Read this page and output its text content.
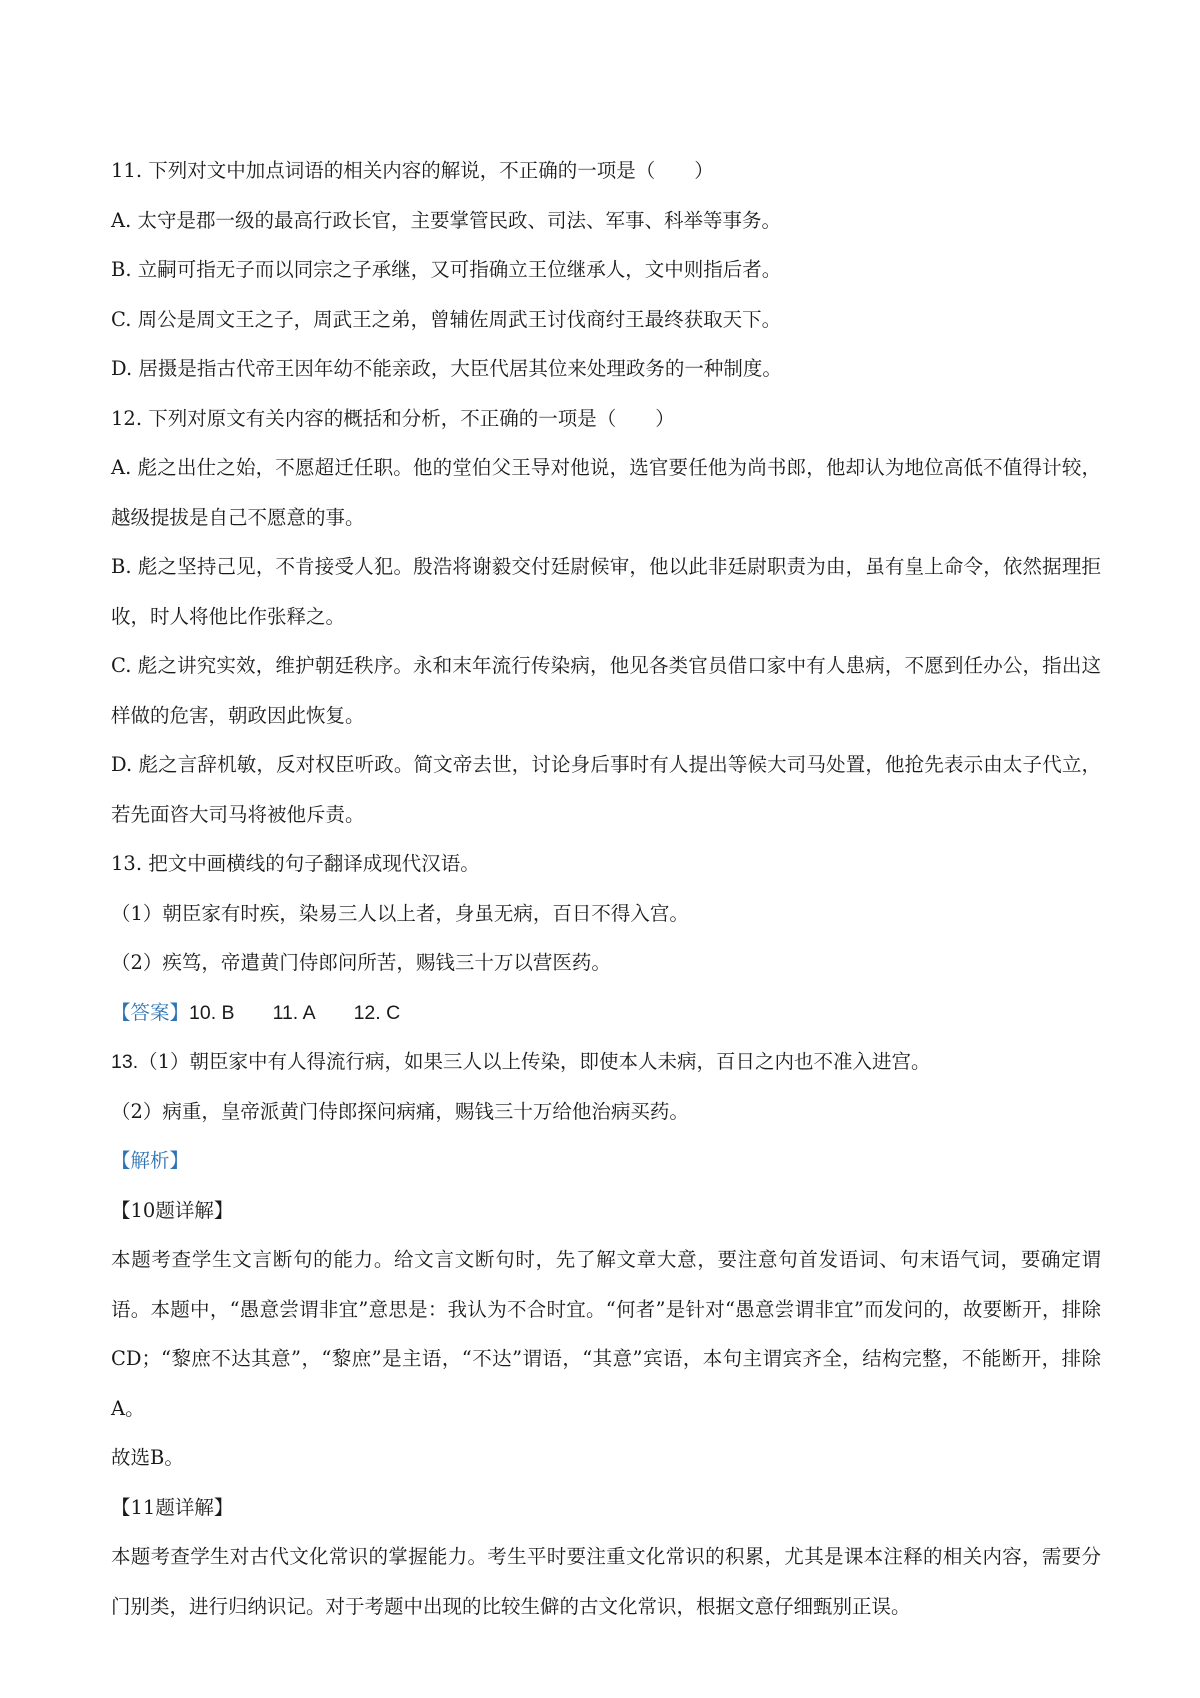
11. 下列对文中加点词语的相关内容的解说，不正确的一项是（　　）
A. 太守是郡一级的最高行政长官，主要掌管民政、司法、军事、科举等事务。
B. 立嗣可指无子而以同宗之子承继，又可指确立王位继承人，文中则指后者。
C. 周公是周文王之子，周武王之弟，曾辅佐周武王讨伐商纣王最终获取天下。
D. 居摄是指古代帝王因年幼不能亲政，大臣代居其位来处理政务的一种制度。
12. 下列对原文有关内容的概括和分析，不正确的一项是（　　）
A. 彪之出仕之始，不愿超迁任职。他的堂伯父王导对他说，选官要任他为尚书郎，他却认为地位高低不值得计较，越级提拔是自己不愿意的事。
B. 彪之坚持己见，不肯接受人犯。殷浩将谢毅交付廷尉候审，他以此非廷尉职责为由，虽有皇上命令，依然据理拒收，时人将他比作张释之。
C. 彪之讲究实效，维护朝廷秩序。永和末年流行传染病，他见各类官员借口家中有人患病，不愿到任办公，指出这样做的危害，朝政因此恢复。
D. 彪之言辞机敏，反对权臣听政。简文帝去世，讨论身后事时有人提出等候大司马处置，他抢先表示由太子代立，若先面咨大司马将被他斥责。
13. 把文中画横线的句子翻译成现代汉语。
（1）朝臣家有时疾，染易三人以上者，身虽无病，百日不得入宫。
（2）疾笃，帝遣黄门侍郎问所苦，赐钱三十万以营医药。
【答案】10. B 11. A 12. C
13.（1）朝臣家中有人得流行病，如果三人以上传染，即使本人未病，百日之内也不准入进宫。
（2）病重，皇帝派黄门侍郎探问病痛，赐钱三十万给他治病买药。
【解析】
【10题详解】
本题考查学生文言断句的能力。给文言文断句时，先了解文章大意，要注意句首发语词、句末语气词，要确定谓语。本题中，“愚意尝谓非宜”意思是：我认为不合时宜。“何者”是针对“愚意尝谓非宜”而发问的，故要断开，排除CD；“黎庶不达其意”，“黎庶”是主语，“不达”谓语，“其意”宾语，本句主谓宾齐全，结构完整，不能断开，排除A。
故选B。
【11题详解】
本题考查学生对古代文化常识的掌握能力。考生平时要注重文化常识的积累，尤其是课本注释的相关内容，需要分门别类，进行归纳识记。对于考题中出现的比较生僻的古文化常识，根据文意仔细甄别正误。
